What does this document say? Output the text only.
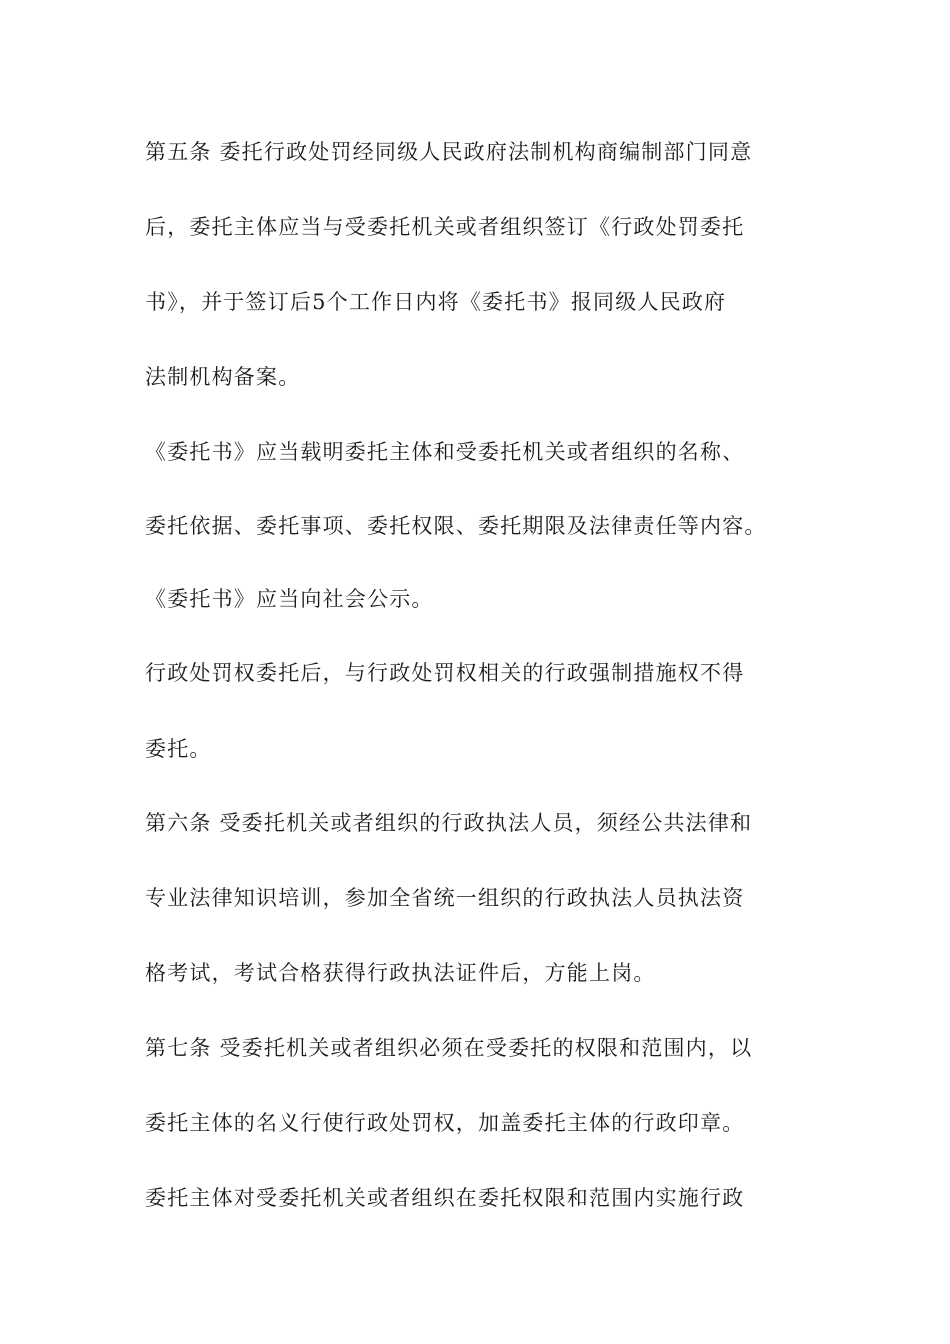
第五条 委托行政处罚经同级人民政府法制机构商编制部门同意
后，委托主体应当与受委托机关或者组织签订《行政处罚委托
书》，并于签订后5个工作日内将《委托书》报同级人民政府
法制机构备案。
《委托书》应当载明委托主体和受委托机关或者组织的名称、
委托依据、委托事项、委托权限、委托期限及法律责任等内容。
《委托书》应当向社会公示。
行政处罚权委托后，与行政处罚权相关的行政强制措施权不得
委托。
第六条 受委托机关或者组织的行政执法人员，须经公共法律和
专业法律知识培训，参加全省统一组织的行政执法人员执法资
格考试，考试合格获得行政执法证件后，方能上岗。
第七条 受委托机关或者组织必须在受委托的权限和范围内，以
委托主体的名义行使行政处罚权，加盖委托主体的行政印章。
委托主体对受委托机关或者组织在委托权限和范围内实施行政
